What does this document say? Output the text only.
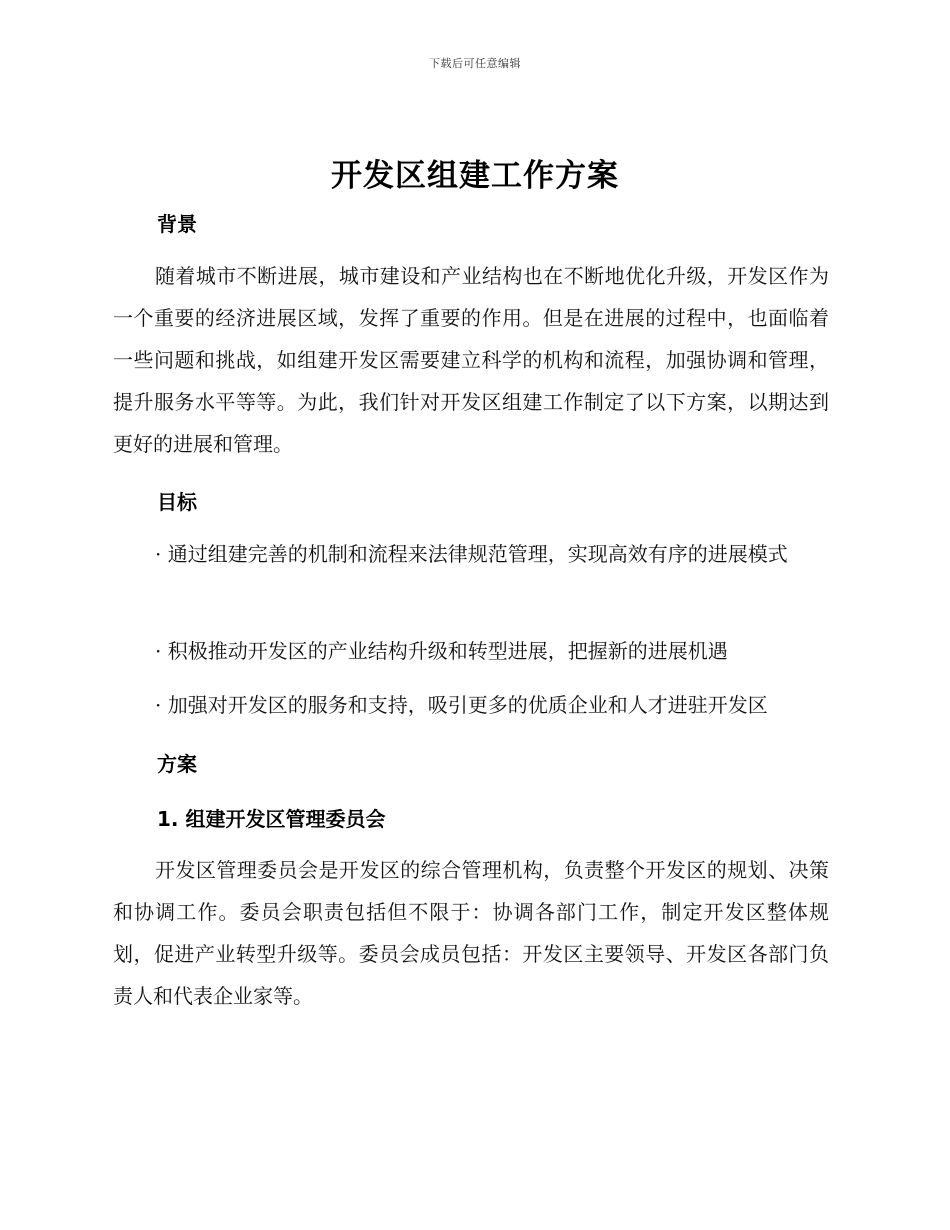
下载后可任意编辑
开发区组建工作方案
背景

随着城市不断进展，城市建设和产业结构也在不断地优化升级，开发区作为一个重要的经济进展区域，发挥了重要的作用。但是在进展的过程中，也面临着一些问题和挑战，如组建开发区需要建立科学的机构和流程，加强协调和管理，提升服务水平等等。为此，我们针对开发区组建工作制定了以下方案，以期达到更好的进展和管理。

目标

· 通过组建完善的机制和流程来法律规范管理，实现高效有序的进展模式

· 积极推动开发区的产业结构升级和转型进展，把握新的进展机遇

· 加强对开发区的服务和支持，吸引更多的优质企业和人才进驻开发区

方案
1. 组建开发区管理委员会

开发区管理委员会是开发区的综合管理机构，负责整个开发区的规划、决策和协调工作。委员会职责包括但不限于：协调各部门工作，制定开发区整体规划，促进产业转型升级等。委员会成员包括：开发区主要领导、开发区各部门负责人和代表企业家等。
